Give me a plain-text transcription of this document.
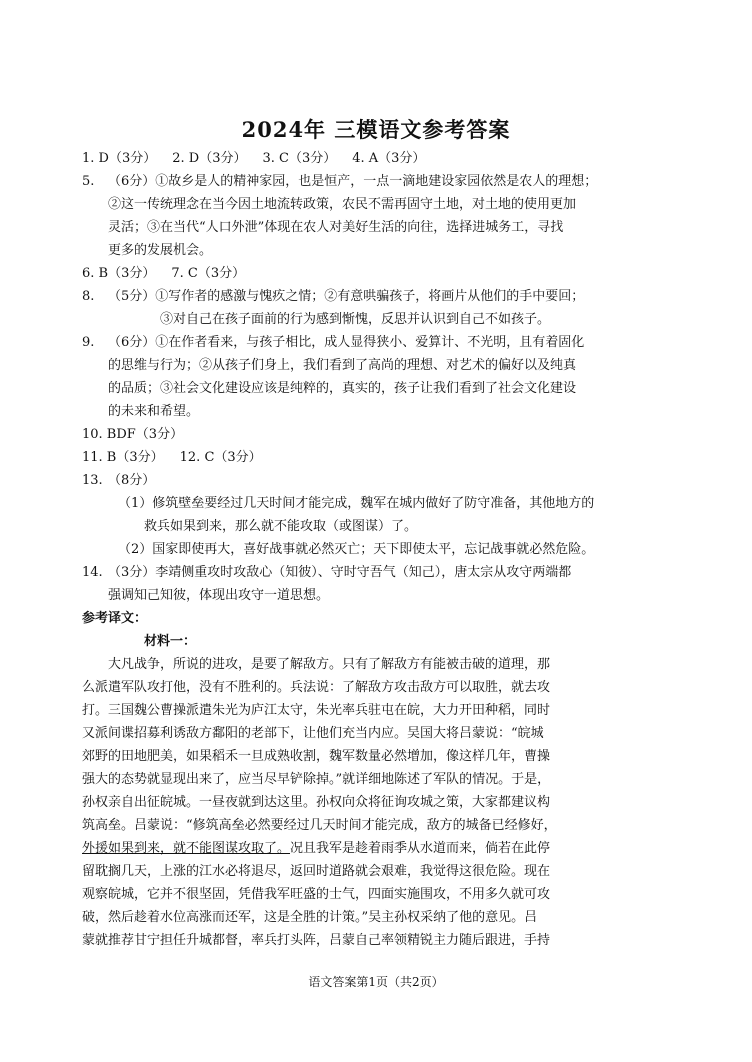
2024年 三模语文参考答案
1. D（3分） 2. D（3分） 3. C（3分） 4. A（3分）
5.	（6分）①故乡是人的精神家园，也是恒产，一点一滴地建设家园依然是农人的理想；
②这一传统理念在当今因土地流转政策，农民不需再固守土地，对土地的使用更加
灵活；③在当代“人口外泄”体现在农人对美好生活的向往，选择进城务工，寻找
更多的发展机会。
6. B（3分） 7. C（3分）
8.	（5分）①写作者的感激与愧疚之情；②有意哄骗孩子，将画片从他们的手中要回；
③对自己在孩子面前的行为感到惭愧，反思并认识到自己不如孩子。
9.	（6分）①在作者看来，与孩子相比，成人显得狭小、爱算计、不光明，且有着固化
的思维与行为；②从孩子们身上，我们看到了高尚的理想、对艺术的偏好以及纯真
的品质；③社会文化建设应该是纯粹的，真实的，孩子让我们看到了社会文化建设
的未来和希望。
10. BDF（3分）
11. B（3分） 12. C（3分）
13. （8分）
（1）修筑壁垒要经过几天时间才能完成，魏军在城内做好了防守准备，其他地方的
救兵如果到来，那么就不能攻取（或图谋）了。
（2）国家即使再大，喜好战事就必然灭亡；天下即使太平，忘记战事就必然危险。
14. （3分）李靖侧重攻时攻敌心（知彼）、守时守吾气（知己），唐太宗从攻守两端都
强调知己知彼，体现出攻守一道思想。
参考译文：
材料一：
大凡战争，所说的进攻，是要了解敌方。只有了解敌方有能被击破的道理，那
么派遣军队攻打他，没有不胜利的。兵法说：了解敌方攻击敌方可以取胜，就去攻
打。三国魏公曹操派遣朱光为庐江太守，朱光率兵驻屯在皖，大力开田种稻，同时
又派间谍招募利诱敌方鄱阳的老部下，让他们充当内应。吴国大将吕蒙说：“皖城
郊野的田地肥美，如果稻禾一旦成熟收割，魏军数量必然增加，像这样几年，曹操
强大的态势就显现出来了，应当尽早铲除掉。”就详细地陈述了军队的情况。于是，
孙权亲自出征皖城。一昼夜就到达这里。孙权向众将征询攻城之策，大家都建议构
筑高垒。吕蒙说：“修筑高垒必然要经过几天时间才能完成，敌方的城备已经修好，
外援如果到来，就不能图谋攻取了。况且我军是趁着雨季从水道而来，倘若在此停
留耽搁几天，上涨的江水必将退尽，返回时道路就会艰难，我觉得这很危险。现在
观察皖城，它并不很坚固，凭借我军旺盛的士气，四面实施围攻，不用多久就可攻
破，然后趁着水位高涨而还军，这是全胜的计策。”吴主孙权采纳了他的意见。吕
蒙就推荐甘宁担任升城都督，率兵打头阵，吕蒙自己率领精锐主力随后跟进，手持
语文答案第1页（共2页）
